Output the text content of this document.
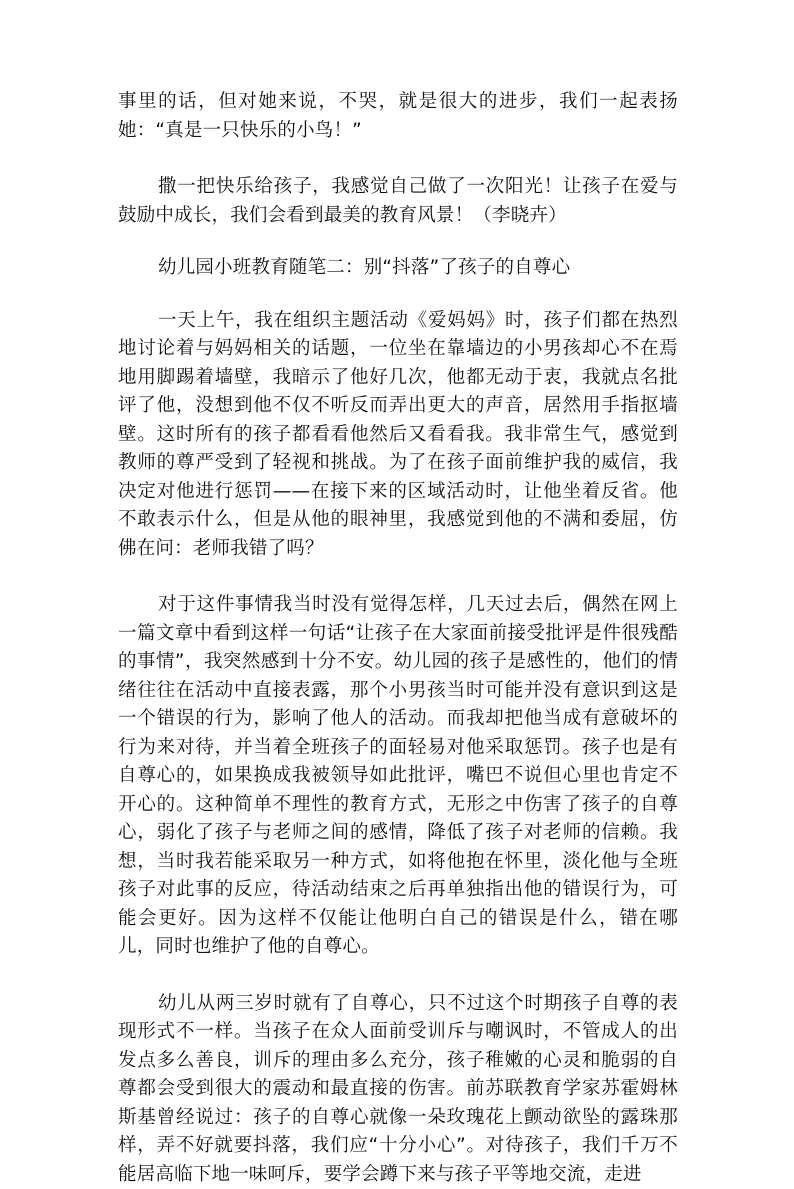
事里的话，但对她来说，不哭，就是很大的进步，我们一起表扬她：“真是一只快乐的小鸟！”

撒一把快乐给孩子，我感觉自己做了一次阳光！让孩子在爱与鼓励中成长，我们会看到最美的教育风景！（李晓卉）

幼儿园小班教育随笔二：别“抖落”了孩子的自尊心

一天上午，我在组织主题活动《爱妈妈》时，孩子们都在热烈地讨论着与妈妈相关的话题，一位坐在靠墙边的小男孩却心不在焉地用脚踢着墙壁，我暗示了他好几次，他都无动于衷，我就点名批评了他，没想到他不仅不听反而弄出更大的声音，居然用手指抠墙壁。这时所有的孩子都看看他然后又看看我。我非常生气，感觉到教师的尊严受到了轻视和挑战。为了在孩子面前维护我的威信，我决定对他进行惩罚——在接下来的区域活动时，让他坐着反省。他不敢表示什么，但是从他的眼神里，我感觉到他的不满和委屈，仿佛在问：老师我错了吗？

对于这件事情我当时没有觉得怎样，几天过去后，偶然在网上一篇文章中看到这样一句话“让孩子在大家面前接受批评是件很残酷的事情”，我突然感到十分不安。幼儿园的孩子是感性的，他们的情绪往往在活动中直接表露，那个小男孩当时可能并没有意识到这是一个错误的行为，影响了他人的活动。而我却把他当成有意破坏的行为来对待，并当着全班孩子的面轻易对他采取惩罚。孩子也是有自尊心的，如果换成我被领导如此批评，嘴巴不说但心里也肯定不开心的。这种简单不理性的教育方式，无形之中伤害了孩子的自尊心，弱化了孩子与老师之间的感情，降低了孩子对老师的信赖。我想，当时我若能采取另一种方式，如将他抱在怀里，淡化他与全班孩子对此事的反应，待活动结束之后再单独指出他的错误行为，可能会更好。因为这样不仅能让他明白自己的错误是什么，错在哪儿，同时也维护了他的自尊心。

幼儿从两三岁时就有了自尊心，只不过这个时期孩子自尊的表现形式不一样。当孩子在众人面前受训斥与嘲讽时，不管成人的出发点多么善良，训斥的理由多么充分，孩子稚嫩的心灵和脆弱的自尊都会受到很大的震动和最直接的伤害。前苏联教育学家苏霍姆林斯基曾经说过：孩子的自尊心就像一朵玫瑰花上颤动欲坠的露珠那样，弄不好就要抖落，我们应“十分小心”。对待孩子，我们千万不能居高临下地一味呵斥，要学会蹲下来与孩子平等地交流，走进
